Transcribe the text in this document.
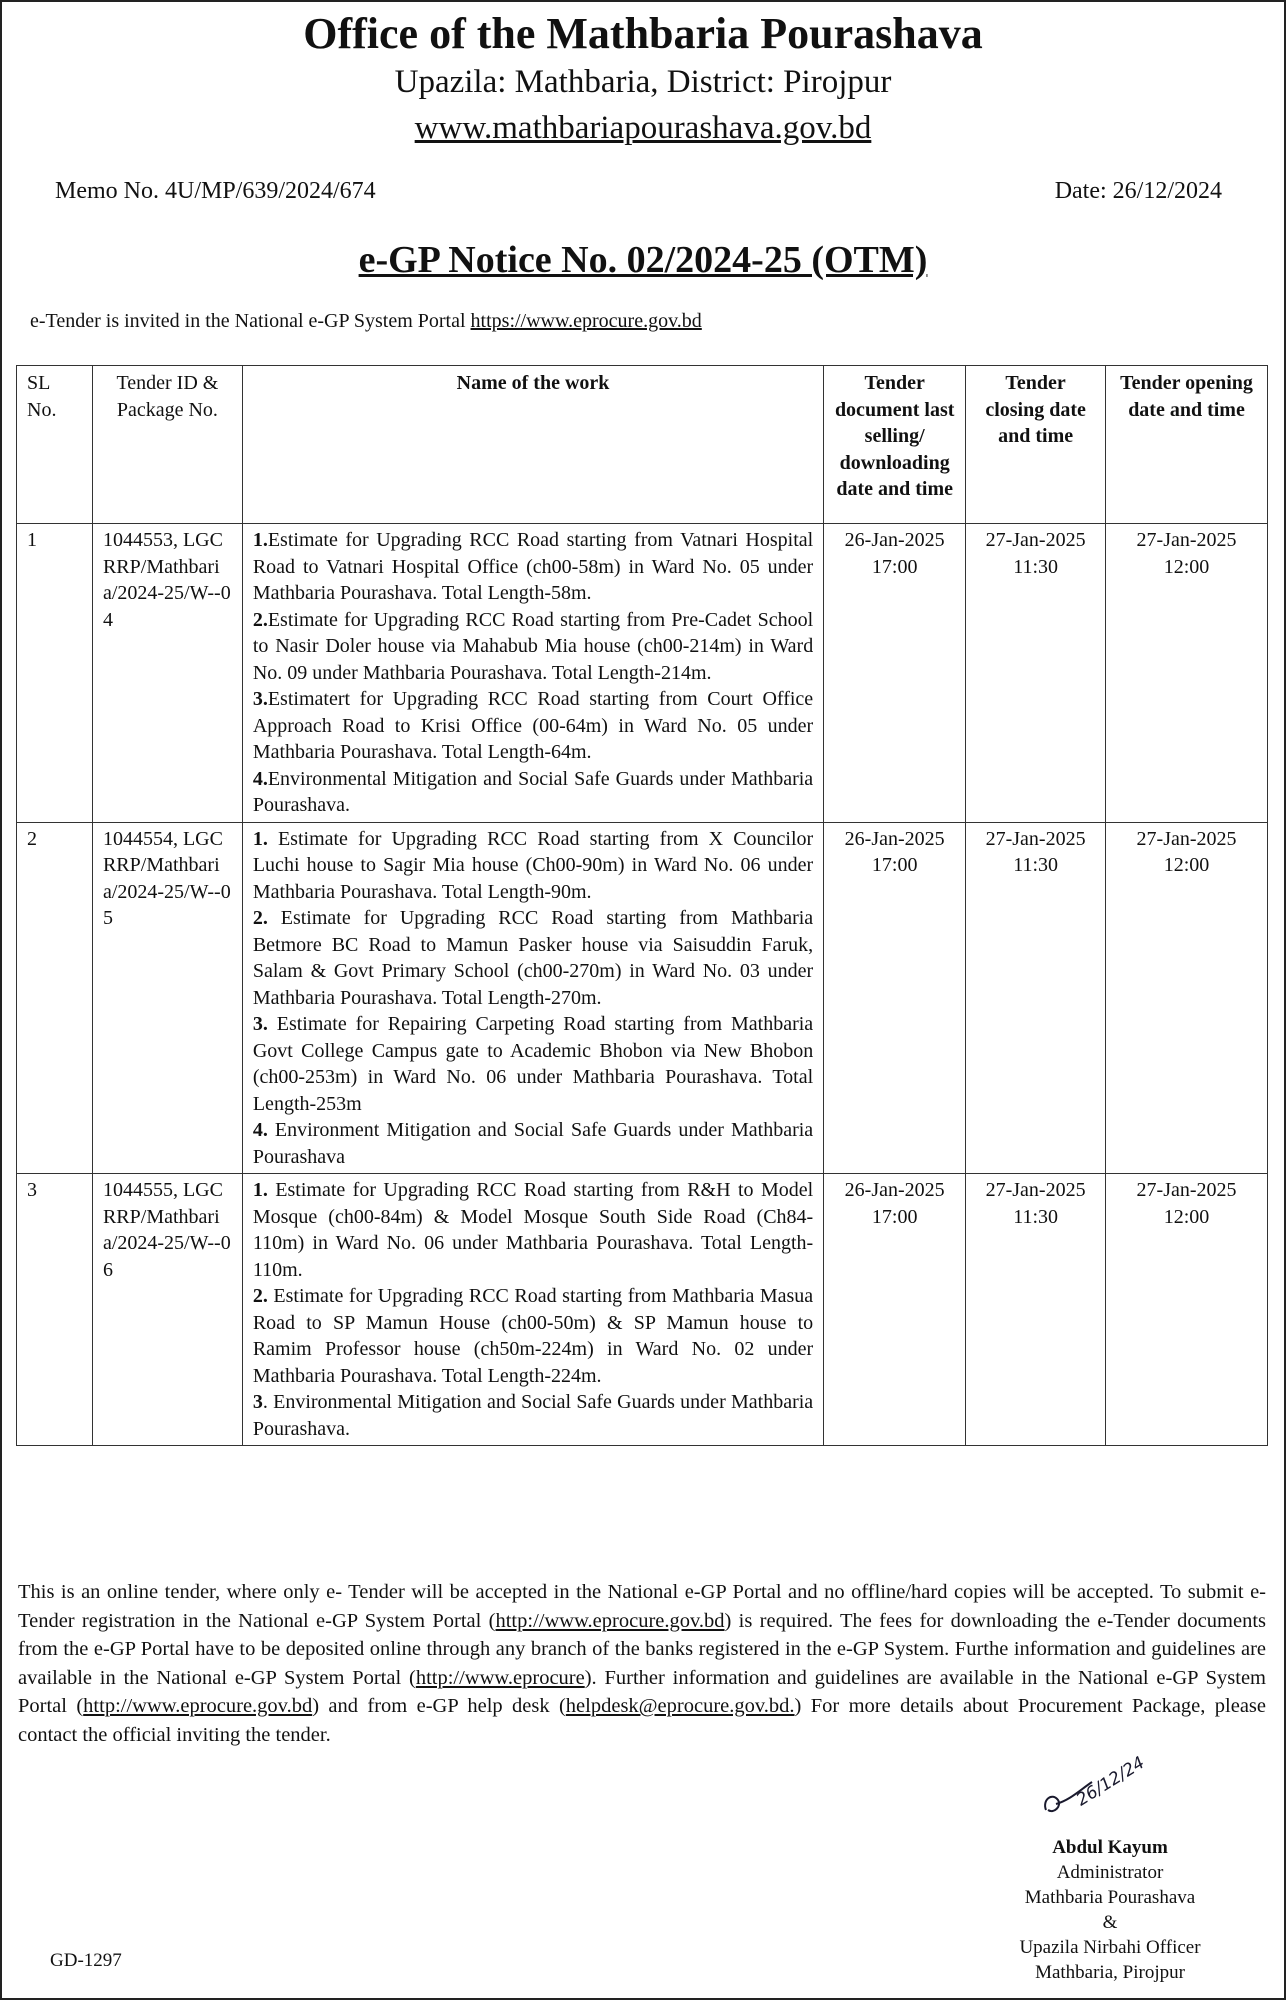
Office of the Mathbaria Pourashava
Upazila: Mathbaria, District: Pirojpur
www.mathbariapourashava.gov.bd
Memo No. 4U/MP/639/2024/674	Date: 26/12/2024
e-GP Notice No. 02/2024-25 (OTM)
e-Tender is invited in the National e-GP System Portal https://www.eprocure.gov.bd
SL No.	Tender ID & Package No.	Name of the work	Tender document last selling/ downloading date and time	Tender closing date and time	Tender opening date and time
1	1044553, LGCRRP/Mathbaria/2024-25/W--04	1.Estimate for Upgrading RCC Road starting from Vatnari Hospital Road to Vatnari Hospital Office (ch00-58m) in Ward No. 05 under Mathbaria Pourashava. Total Length-58m.
2.Estimate for Upgrading RCC Road starting from Pre-Cadet School to Nasir Doler house via Mahabub Mia house (ch00-214m) in Ward No. 09 under Mathbaria Pourashava. Total Length-214m.
3.Estimatert for Upgrading RCC Road starting from Court Office Approach Road to Krisi Office (00-64m) in Ward No. 05 under Mathbaria Pourashava. Total Length-64m.
4.Environmental Mitigation and Social Safe Guards under Mathbaria Pourashava.	26-Jan-2025 17:00	27-Jan-2025 11:30	27-Jan-2025 12:00
2	1044554, LGCRRP/Mathbaria/2024-25/W--05	1. Estimate for Upgrading RCC Road starting from X Councilor Luchi house to Sagir Mia house (Ch00-90m) in Ward No. 06 under Mathbaria Pourashava. Total Length-90m.
2. Estimate for Upgrading RCC Road starting from Mathbaria Betmore BC Road to Mamun Pasker house via Saisuddin Faruk, Salam & Govt Primary School (ch00-270m) in Ward No. 03 under Mathbaria Pourashava. Total Length-270m.
3. Estimate for Repairing Carpeting Road starting from Mathbaria Govt College Campus gate to Academic Bhobon via New Bhobon (ch00-253m) in Ward No. 06 under Mathbaria Pourashava. Total Length-253m
4. Environment Mitigation and Social Safe Guards under Mathbaria Pourashava	26-Jan-2025 17:00	27-Jan-2025 11:30	27-Jan-2025 12:00
3	1044555, LGCRRP/Mathbaria/2024-25/W--06	1. Estimate for Upgrading RCC Road starting from R&H to Model Mosque (ch00-84m) & Model Mosque South Side Road (Ch84-110m) in Ward No. 06 under Mathbaria Pourashava. Total Length-110m.
2. Estimate for Upgrading RCC Road starting from Mathbaria Masua Road to SP Mamun House (ch00-50m) & SP Mamun house to Ramim Professor house (ch50m-224m) in Ward No. 02 under Mathbaria Pourashava. Total Length-224m.
3. Environmental Mitigation and Social Safe Guards under Mathbaria Pourashava.	26-Jan-2025 17:00	27-Jan-2025 11:30	27-Jan-2025 12:00
This is an online tender, where only e- Tender will be accepted in the National e-GP Portal and no offline/hard copies will be accepted. To submit e-Tender registration in the National e-GP System Portal (http://www.eprocure.gov.bd) is required. The fees for downloading the e-Tender documents from the e-GP Portal have to be deposited online through any branch of the banks registered in the e-GP System. Furthe information and guidelines are available in the National e-GP System Portal (http://www.eprocure). Further information and guidelines are available in the National e-GP System Portal (http://www.eprocure.gov.bd) and from e-GP help desk (helpdesk@eprocure.gov.bd.) For more details about Procurement Package, please contact the official inviting the tender.
26/12/24
Abdul Kayum
Administrator
Mathbaria Pourashava
&
Upazila Nirbahi Officer
Mathbaria, Pirojpur
GD-1297
